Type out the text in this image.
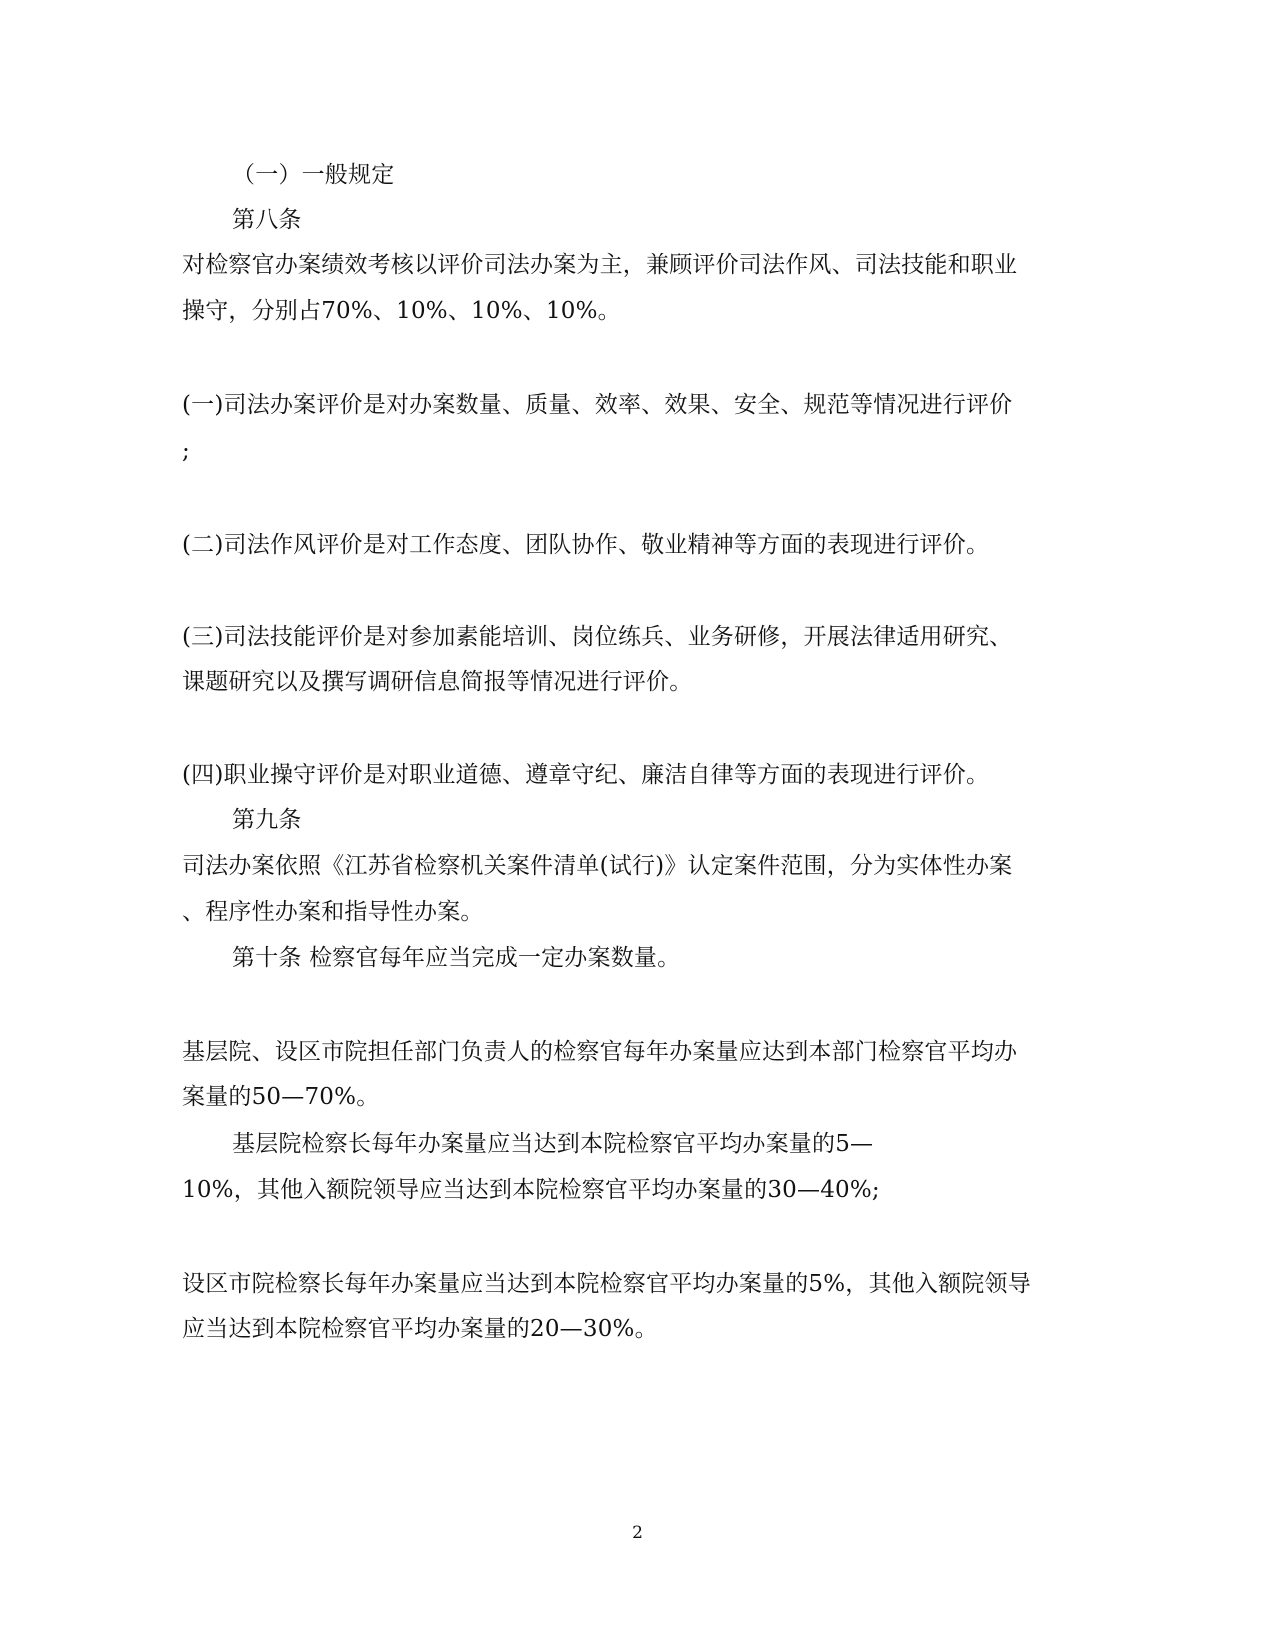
（一）一般规定
第八条
对检察官办案绩效考核以评价司法办案为主，兼顾评价司法作风、司法技能和职业
操守，分别占70%、10%、10%、10%。
(一)司法办案评价是对办案数量、质量、效率、效果、安全、规范等情况进行评价
;
(二)司法作风评价是对工作态度、团队协作、敬业精神等方面的表现进行评价。
(三)司法技能评价是对参加素能培训、岗位练兵、业务研修，开展法律适用研究、
课题研究以及撰写调研信息简报等情况进行评价。
(四)职业操守评价是对职业道德、遵章守纪、廉洁自律等方面的表现进行评价。
第九条
司法办案依照《江苏省检察机关案件清单(试行)》认定案件范围，分为实体性办案
、程序性办案和指导性办案。
第十条 检察官每年应当完成一定办案数量。
基层院、设区市院担任部门负责人的检察官每年办案量应达到本部门检察官平均办
案量的50—70%。
基层院检察长每年办案量应当达到本院检察官平均办案量的5—
10%，其他入额院领导应当达到本院检察官平均办案量的30—40%;
设区市院检察长每年办案量应当达到本院检察官平均办案量的5%，其他入额院领导
应当达到本院检察官平均办案量的20—30%。
2
